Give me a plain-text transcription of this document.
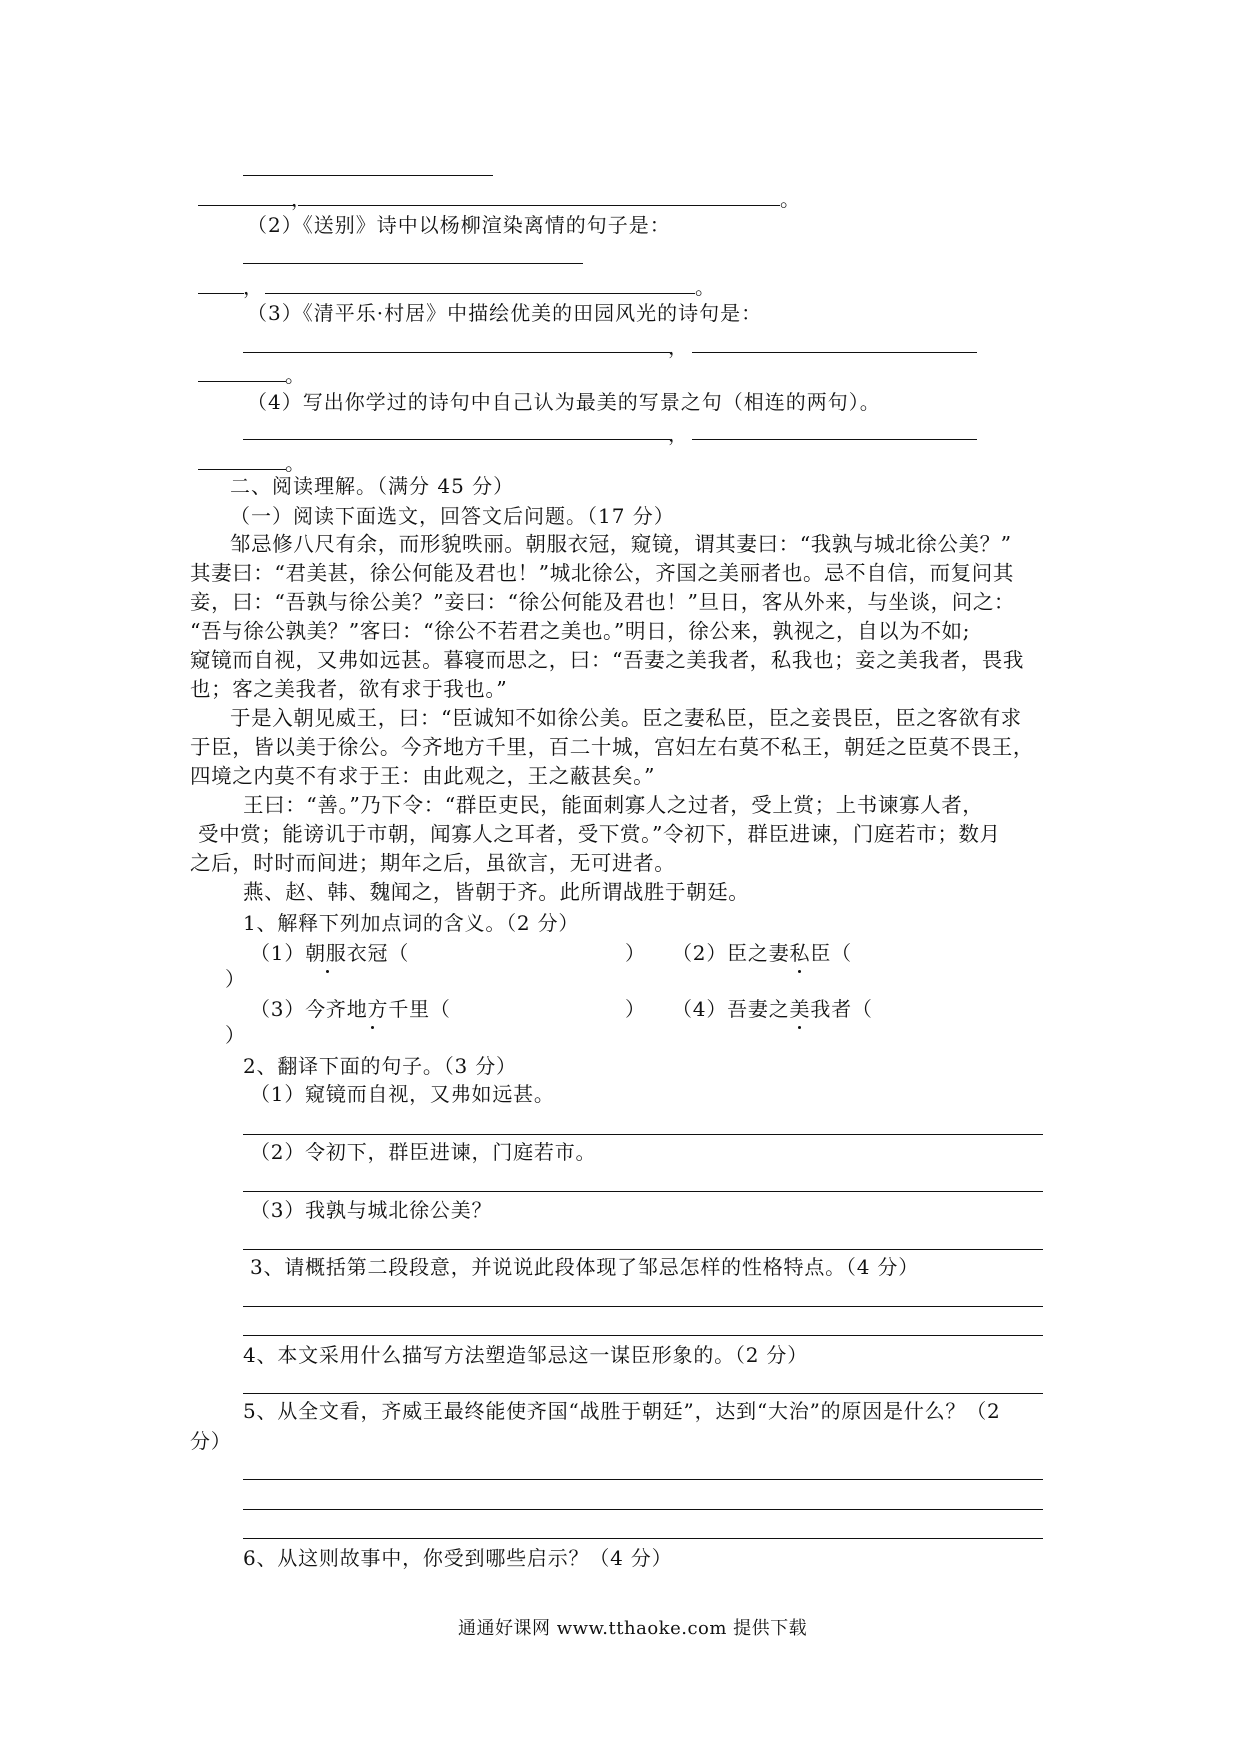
，	。
（2）《送别》诗中以杨柳渲染离情的句子是：
，	。
（3）《清平乐·村居》中描绘优美的田园风光的诗句是：
，
。
（4）写出你学过的诗句中自己认为最美的写景之句（相连的两句）。
，
。
二、阅读理解。（满分 45 分）
（一）阅读下面选文，回答文后问题。（17 分）
邹忌修八尺有余，而形貌昳丽。朝服衣冠，窥镜，谓其妻曰：“我孰与城北徐公美？”
其妻曰：“君美甚，徐公何能及君也！”城北徐公，齐国之美丽者也。忌不自信，而复问其
妾，曰：“吾孰与徐公美？”妾曰：“徐公何能及君也！”旦日，客从外来，与坐谈，问之：
“吾与徐公孰美？”客曰：“徐公不若君之美也。”明日，徐公来，孰视之，自以为不如;
窥镜而自视，又弗如远甚。暮寝而思之，曰：“吾妻之美我者，私我也；妾之美我者，畏我
也；客之美我者，欲有求于我也。”
于是入朝见威王，曰：“臣诚知不如徐公美。臣之妻私臣，臣之妾畏臣，臣之客欲有求
于臣，皆以美于徐公。今齐地方千里，百二十城，宫妇左右莫不私王，朝廷之臣莫不畏王，
四境之内莫不有求于王：由此观之，王之蔽甚矣。”
王曰：“善。”乃下令：“群臣吏民，能面刺寡人之过者，受上赏；上书谏寡人者，
受中赏；能谤讥于市朝，闻寡人之耳者，受下赏。”令初下，群臣进谏，门庭若市；数月
之后，时时而间进；期年之后，虽欲言，无可进者。
燕、赵、韩、魏闻之，皆朝于齐。此所谓战胜于朝廷。
1、解释下列加点词的含义。（2 分）
（1）朝服衣冠（	） （2）臣之妻私臣（
）
（3）今齐地方千里（	） （4）吾妻之美我者（
）
2、翻译下面的句子。（3 分）
（1）窥镜而自视，又弗如远甚。
（2）令初下，群臣进谏，门庭若市。
（3）我孰与城北徐公美？
3、请概括第二段段意，并说说此段体现了邹忌怎样的性格特点。（4 分）
4、本文采用什么描写方法塑造邹忌这一谋臣形象的。（2 分）
5、从全文看，齐威王最终能使齐国“战胜于朝廷”，达到“大治”的原因是什么？（2
分）
6、从这则故事中，你受到哪些启示？（4 分）
通通好课网 www.tthaoke.com 提供下载
